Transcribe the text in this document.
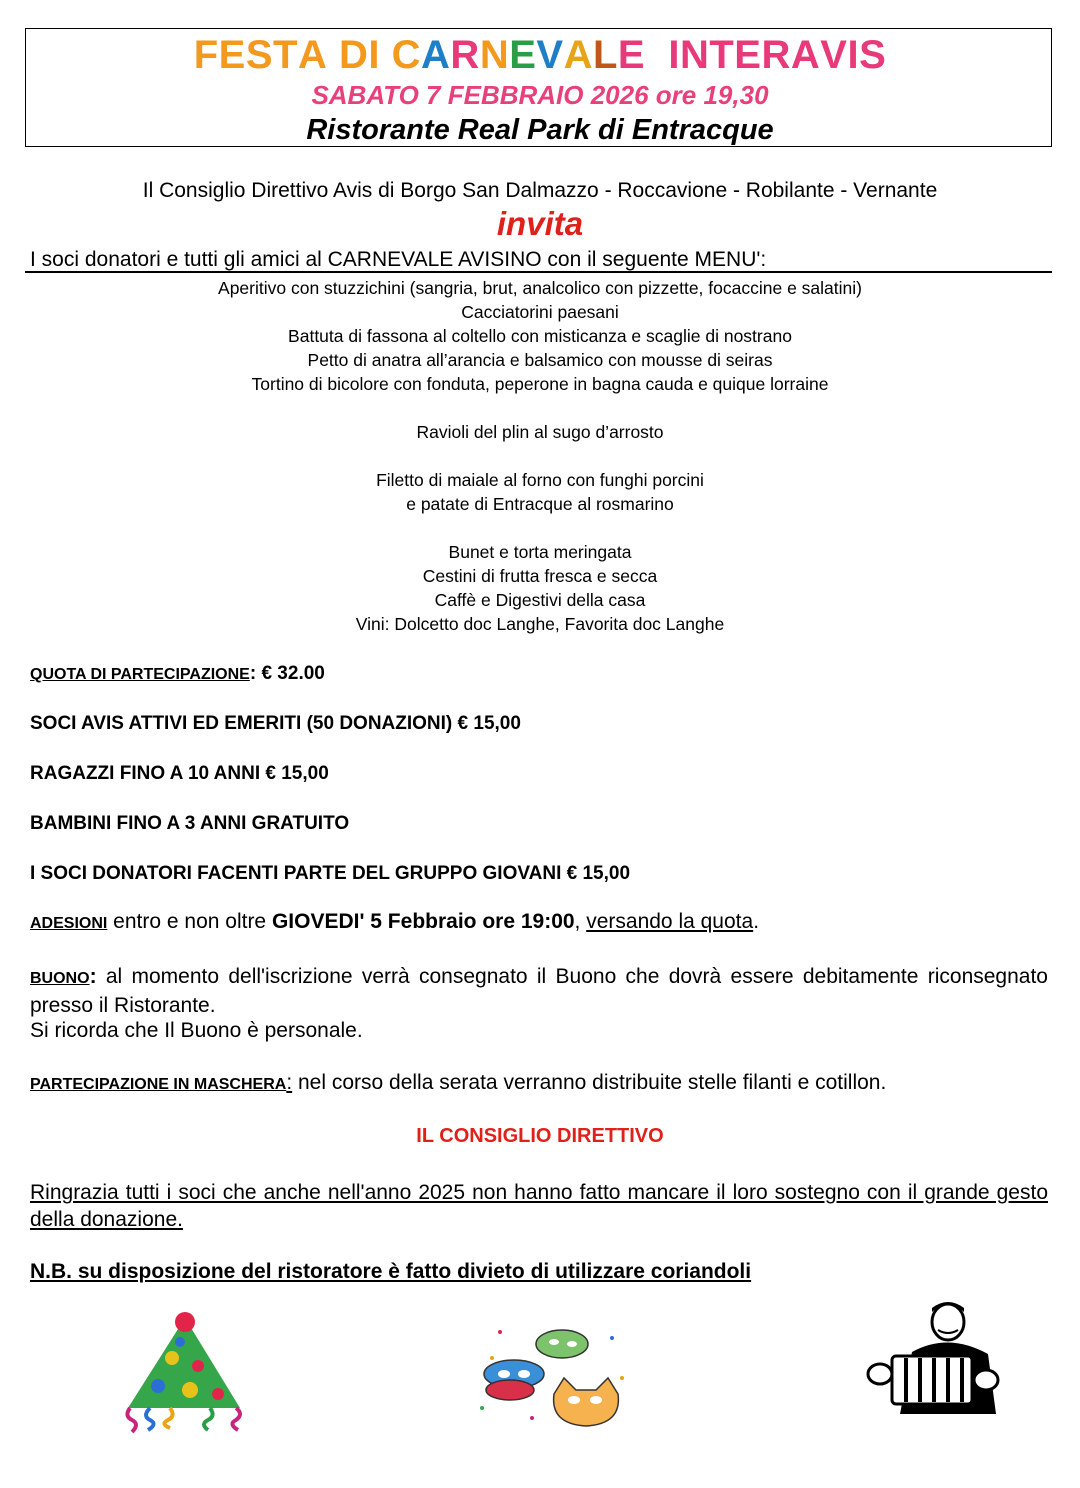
FESTA DI CARNEVALE INTERAVIS
SABATO 7 FEBBRAIO 2026 ore 19,30
Ristorante Real Park di Entracque
Il Consiglio Direttivo Avis di Borgo San Dalmazzo - Roccavione - Robilante - Vernante
invita
I soci donatori e tutti gli amici al CARNEVALE AVISINO con il seguente MENU':
Aperitivo con stuzzichini (sangria, brut, analcolico con pizzette, focaccine e salatini)
Cacciatorini paesani
Battuta di fassona al coltello con misticanza e scaglie di nostrano
Petto di anatra all’arancia e balsamico con mousse di seiras
Tortino di bicolore con fonduta, peperone in bagna cauda e quique lorraine
Ravioli del plin al sugo d’arrosto
Filetto di maiale al forno con funghi porcini
e patate di Entracque al rosmarino
Bunet e torta meringata
Cestini di frutta fresca e secca
Caffè e Digestivi della casa
Vini: Dolcetto doc Langhe, Favorita doc Langhe
QUOTA DI PARTECIPAZIONE: € 32.00
SOCI AVIS ATTIVI ED EMERITI (50 DONAZIONI) € 15,00
RAGAZZI FINO A 10 ANNI € 15,00
BAMBINI FINO A 3 ANNI GRATUITO
I SOCI DONATORI FACENTI PARTE DEL GRUPPO GIOVANI € 15,00
ADESIONI entro e non oltre GIOVEDI' 5 Febbraio ore 19:00, versando la quota.
BUONO: al momento dell'iscrizione verrà consegnato il Buono che dovrà essere debitamente riconsegnato presso il Ristorante.
Si ricorda che Il Buono è personale.
PARTECIPAZIONE IN MASCHERA: nel corso della serata verranno distribuite stelle filanti e cotillon.
IL CONSIGLIO DIRETTIVO
Ringrazia tutti i soci che anche nell'anno 2025 non hanno fatto mancare il loro sostegno con il grande gesto della donazione.
N.B. su disposizione del ristoratore è fatto divieto di utilizzare coriandoli
